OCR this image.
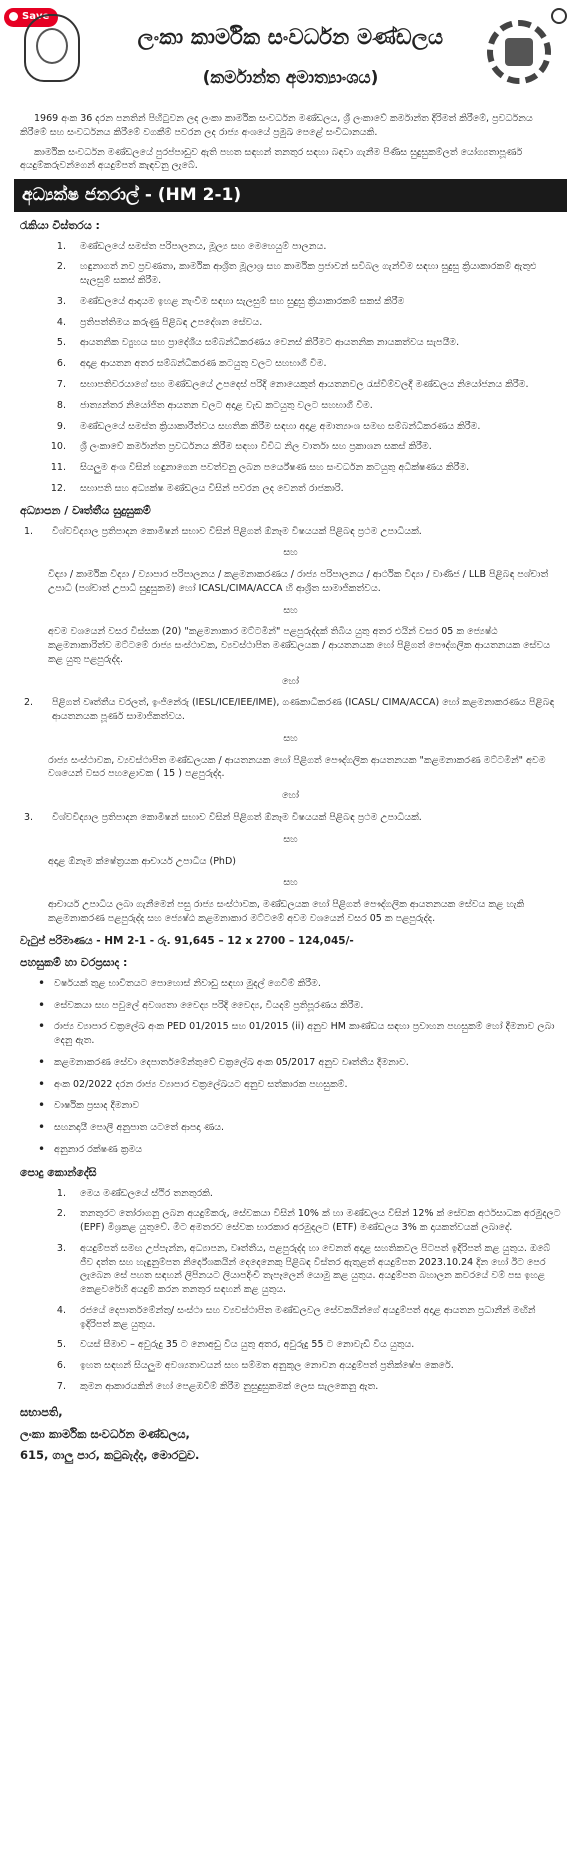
Save
ලංකා කාර්මික සංවර්ධන මණ්ඩලය
(කර්මාන්ත අමාත්‍යාංශය)

1969 අංක 36 දරන පනතින් පිහිටුවන ලද ලංකා කාර්මික සංවර්ධන මණ්ඩලය, ශ්‍රී ලංකාවේ කර්මාන්ත දිරිමත් කිරීමේ, ප්‍රවර්ධනය කිරීමේ සහ සංවර්ධනය කිරීමේ වගකීම් පවරන ලද රාජ්‍ය අංශයේ ප්‍රමුඛ පෙළේ සංවිධානයකි.

කාර්මික සංවර්ධන මණ්ඩලයේ පුරප්පාඩුව ඇති පහත සඳහන් තනතුර සඳහා බඳවා ගැනීම පිණිස සුදුසුකම්ලත් යෝග්‍යතාපූර්ණ අයදුම්කරුවන්ගෙන් අයදුම්පත් කැඳවනු ලැබේ.

අධ්‍යක්ෂ ජනරාල් - (HM 2-1)
රැකියා විස්තරය :
1. මණ්ඩලයේ සමස්ත පරිපාලනය, මූල්‍ය සහ මෙහෙයුම් පාලනය.
2. හඳුනාගත් නව ප්‍රවණතා, කාර්මික ආශ්‍රිත මූලාශ්‍ර සහ කාර්මික ප්‍රජාවන් සවිබල ගැන්වීම සඳහා සුදුසු ක්‍රියාකාරකම් ඇතුළු සැලසුම් සකස් කිරීම.
3. මණ්ඩලයේ ආදායම ඉහළ නැංවීම සඳහා සැලසුම් සහ සුදුසු ක්‍රියාකාරකම් සකස් කිරීම
4. ප්‍රතිපත්තිමය කරුණු පිළිබඳ උපදේශන සේවය.
5. ආයතනික ව්‍යුහය සහ ප්‍රාදේශීය සම්බන්ධීකරණය වෙනස් කිරීමට ආයතනික නායකත්වය සැපයීම.
6. අදාළ ආයතන අතර සම්බන්ධීකරණ කටයුතු වලට සහභාගී වීම.
7. සභාපතිවරයාගේ සහ මණ්ඩලයේ උපදෙස් පරිදි නොයෙකුත් ආයතනවල රැස්වීම්වලදී මණ්ඩලය නියෝජනය කිරීම.
8. ජාත්‍යන්තර නියෝජිත ආයතන වලට අදාළ වැඩ කටයුතු වලට සහභාගී වීම.
9. මණ්ඩලයේ සමස්ත ක්‍රියාකාරීත්වය සහතික කිරීම සඳහා අදාළ අමාත්‍යාංශ සමඟ සම්බන්ධීකරණය කිරීම.
10. ශ්‍රී ලංකාවේ කර්මාන්ත ප්‍රවර්ධනය කිරීම සඳහා විවිධ නිල වාර්තා සහ ප්‍රකාශන සකස් කිරීම.
11. සියලුම අංශ විසින් හඳුනාගෙන පවත්වනු ලබන පර්යේෂණ සහ සංවර්ධන කටයුතු අධීක්ෂණය කිරීම.
12. සභාපති සහ අධ්‍යක්ෂ මණ්ඩලය විසින් පවරන ලද වෙනත් රාජකාරි.
අධ්‍යාපන / වෘත්තීය සුදුසුකම්
1.	විශ්වවිද්‍යාල ප්‍රතිපාදන කොමිෂන් සභාව විසින් පිළිගත් ඕනෑම විෂයයක් පිළිබඳ ප්‍රථම උපාධියක්.
සහ
විද්‍යා / කාර්මික විද්‍යා / ව්‍යාපාර පරිපාලනය / කළමනාකරණය / රාජ්‍ය පරිපාලනය / ආර්ථික විද්‍යා / වාණිජ / LLB පිළිබඳ පශ්චාත් උපාධි (පශ්චාත් උපාධි සුදුසුකම) හෝ ICASL/CIMA/ACCA හි ආශ්‍රිත සාමාජිකත්වය.
සහ
අවම වශයෙන් වසර විස්සක (20) "කළමනාකාර මට්ටමින්" පළපුරුද්දක් තිබිය යුතු අතර එයින් වසර 05 ක ජ්‍යෙෂ්ඨ කළමනාකාරිත්ව මට්ටමේ රාජ්‍ය සංස්ථාවක, ව්‍යවස්ථාපිත මණ්ඩලයක / ආයතනයක හෝ පිළිගත් පෞද්ගලික ආයතනයක සේවය කළ යුතු පළපුරුද්ද.
හෝ
2.	පිළිගත් වෘත්තීය වරලත්, ඉංජිනේරු (IESL/ICE/IEE/IME), ගණකාධිකරණ (ICASL/ CIMA/ACCA) හෝ කළමනාකරණය පිළිබඳ ආයතනයක පූර්ණ සාමාජිකත්වය.
සහ
රාජ්‍ය සංස්ථාවක, ව්‍යවස්ථාපිත මණ්ඩලයක / ආයතනයක හෝ පිළිගත් පෞද්ගලික ආයතනයක "කළමනාකරණ මට්ටමින්" අවම වශයෙන් වසර පහළොවක ( 15 ) පළපුරුද්ද.
හෝ
3.	විශ්වවිද්‍යාල ප්‍රතිපාදන කොමිෂන් සභාව විසින් පිළිගත් ඕනෑම විෂයයක් පිළිබඳ ප්‍රථම උපාධියක්.
සහ
අදාළ ඕනෑම ක්ෂේත්‍රයක ආචාර්ය උපාධිය (PhD)
සහ
ආචාර්ය උපාධිය ලබා ගැනීමෙන් පසු රාජ්‍ය සංස්ථාවක, මණ්ඩලයක හෝ පිළිගත් පෞද්ගලික ආයතනයක සේවය කළ හැකි කළමනාකරණ පළපුරුද්ද සහ ජ්‍යෙෂ්ඨ කළමනාකාර මට්ටමේ අවම වශයෙන් වසර 05 ක පළපුරුද්ද.
වැටුප් පරිමාණය - HM 2-1 - රු. 91,645 – 12 x 2700 – 124,045/-
පහසුකම් හා වරප්‍රසාද :
• වර්ෂයක් තුළ භාවිතයට පොහොස් නිවාඩු සඳහා මුදල් ගෙවීම් කිරීම.
• සේවකයා සහ පවුලේ අවශ්‍යතා වෛද්‍ය පරිදි වෛද්‍ය, වියදම් ප්‍රතිපූරණය කිරීම.
• රාජ්‍ය ව්‍යාපාර චක්‍රලේඛ අංක PED 01/2015 සහ 01/2015 (ii) අනුව HM කාණ්ඩය සඳහා ප්‍රවාහන පහසුකම් හෝ දීමනාව ලබා දෙනු ඇත.
• කළමනාකරණ සේවා දෙපාර්තමේන්තුවේ චක්‍රලේඛ අංක 05/2017 අනුව වෘත්තීය දීමනාව.
• අංක 02/2022 දරන රාජ්‍ය ව්‍යාපාර චක්‍රලේඛයට අනුව සත්කාරක පහසුකම්.
• වාර්ෂික ප්‍රසාද දීමනාව
• සහනදායී පොලී අනුපාත යටතේ ආපදා ණය.
• අනුනාර රක්ෂණ ක්‍රමය
පොදු කොන්දේසි
1. මෙය මණ්ඩලයේ ස්ථිර තනතුරකි.
2. තනතුරට තෝරාගනු ලබන අයදුම්කරු, සේවකයා විසින් 10% ක් හා මණ්ඩලය විසින් 12% ක් සේවක අර්ථසාධක අරමුදලට (EPF) මිශ්‍රකළ යුතුවේ. මීට අමතරව සේවක භාරකාර අරමුදලට (ETF) මණ්ඩලය 3% ක දායකත්වයක් ලබාදේ.
3. අයදුම්පත් සමඟ උප්පැන්න, අධ්‍යාපන, වෘත්තීය, පළපුරුද්ද හා වෙනත් අදාළ සහතිකවල පිටපත් ඉදිරිපත් කළ යුතුය. ඔබේ ජීව දත්ත සහ හැඳුනුම්පත නිර්දේශකයින් දෙදෙනෙකු පිළිබඳ විස්තර ඇතුළත් අයදුම්පත 2023.10.24 දින හෝ ඊට පෙර ලැබෙන සේ පහත සඳහන් ලිපිනයට ලියාපදිංචි තැපෑලෙන් යොමු කළ යුතුය. අයදුම්පත බහාලන කවරයේ වම් පස ඉහළ කෙළවරේහි අයදුම් කරන තනතුර සඳහන් කළ යුතුය.
4. රජයේ දෙපාර්තමේන්තු/ සංස්ථා සහ ව්‍යවස්ථාපිත මණ්ඩලවල සේවකයින්ගේ අයදුම්පත් අදාළ ආයතන ප්‍රධානීන් මඟින් ඉදිරිපත් කළ යුතුය.
5. වයස් සීමාව – අවුරුදු 35 ට නොඅඩු විය යුතු අතර, අවුරුදු 55 ට නොවැඩි විය යුතුය.
6. ඉහත සඳහන් සියලුම අවශ්‍යතාවයන් සහ සම්මත අනුකූල නොවන අයදුම්පත් ප්‍රතික්ෂේප කෙරේ.
7. කුමන ආකාරයකින් හෝ පෙළඹවීම් කිරීම නුසුදුසුකමක් ලෙස සැලකෙනු ඇත.
සභාපති,
ලංකා කාර්මික සංවර්ධන මණ්ඩලය,
615, ගාලු පාර, කටුබැද්ද, මොරටුව.
